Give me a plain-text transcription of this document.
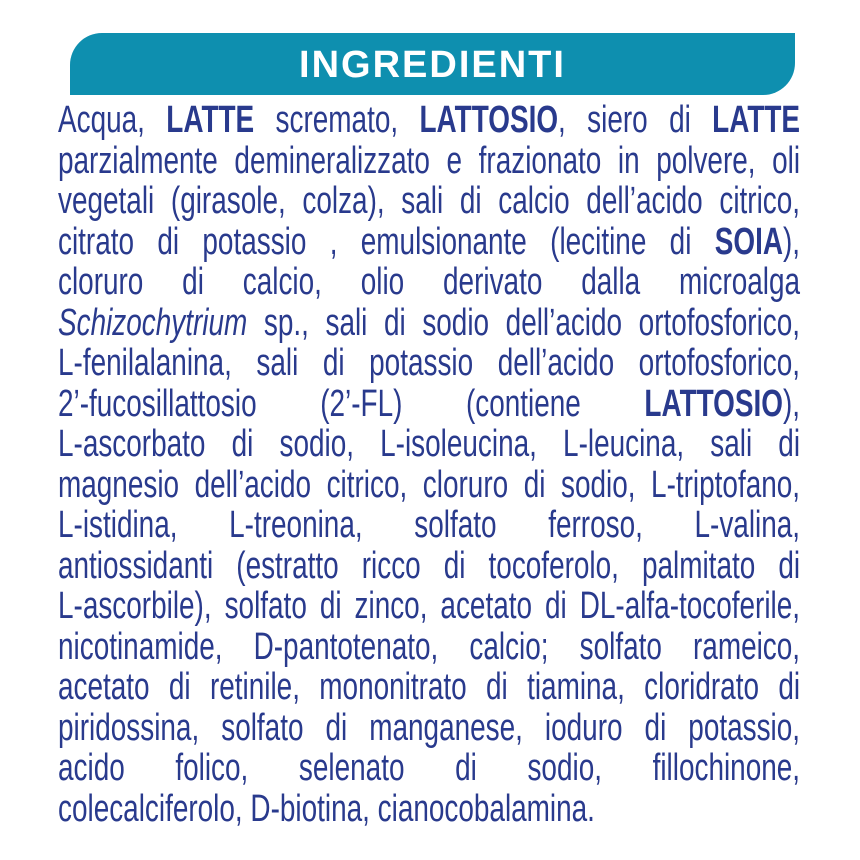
INGREDIENTI
Acqua, LATTE scremato, LATTOSIO, siero di LATTE
parzialmente demineralizzato e frazionato in polvere, oli
vegetali (girasole, colza), sali di calcio dell’acido citrico,
citrato di potassio , emulsionante (lecitine di SOIA),
cloruro di calcio, olio derivato dalla microalga
Schizochytrium sp., sali di sodio dell’acido ortofosforico,
L-fenilalanina, sali di potassio dell’acido ortofosforico,
2’-fucosillattosio (2’-FL) (contiene LATTOSIO),
L-ascorbato di sodio, L-isoleucina, L-leucina, sali di
magnesio dell’acido citrico, cloruro di sodio, L-triptofano,
L-istidina, L-treonina, solfato ferroso, L-valina,
antiossidanti (estratto ricco di tocoferolo, palmitato di
L-ascorbile), solfato di zinco, acetato di DL-alfa-tocoferile,
nicotinamide, D-pantotenato, calcio; solfato rameico,
acetato di retinile, mononitrato di tiamina, cloridrato di
piridossina, solfato di manganese, ioduro di potassio,
acido folico, selenato di sodio, fillochinone,
colecalciferolo, D-biotina, cianocobalamina.
